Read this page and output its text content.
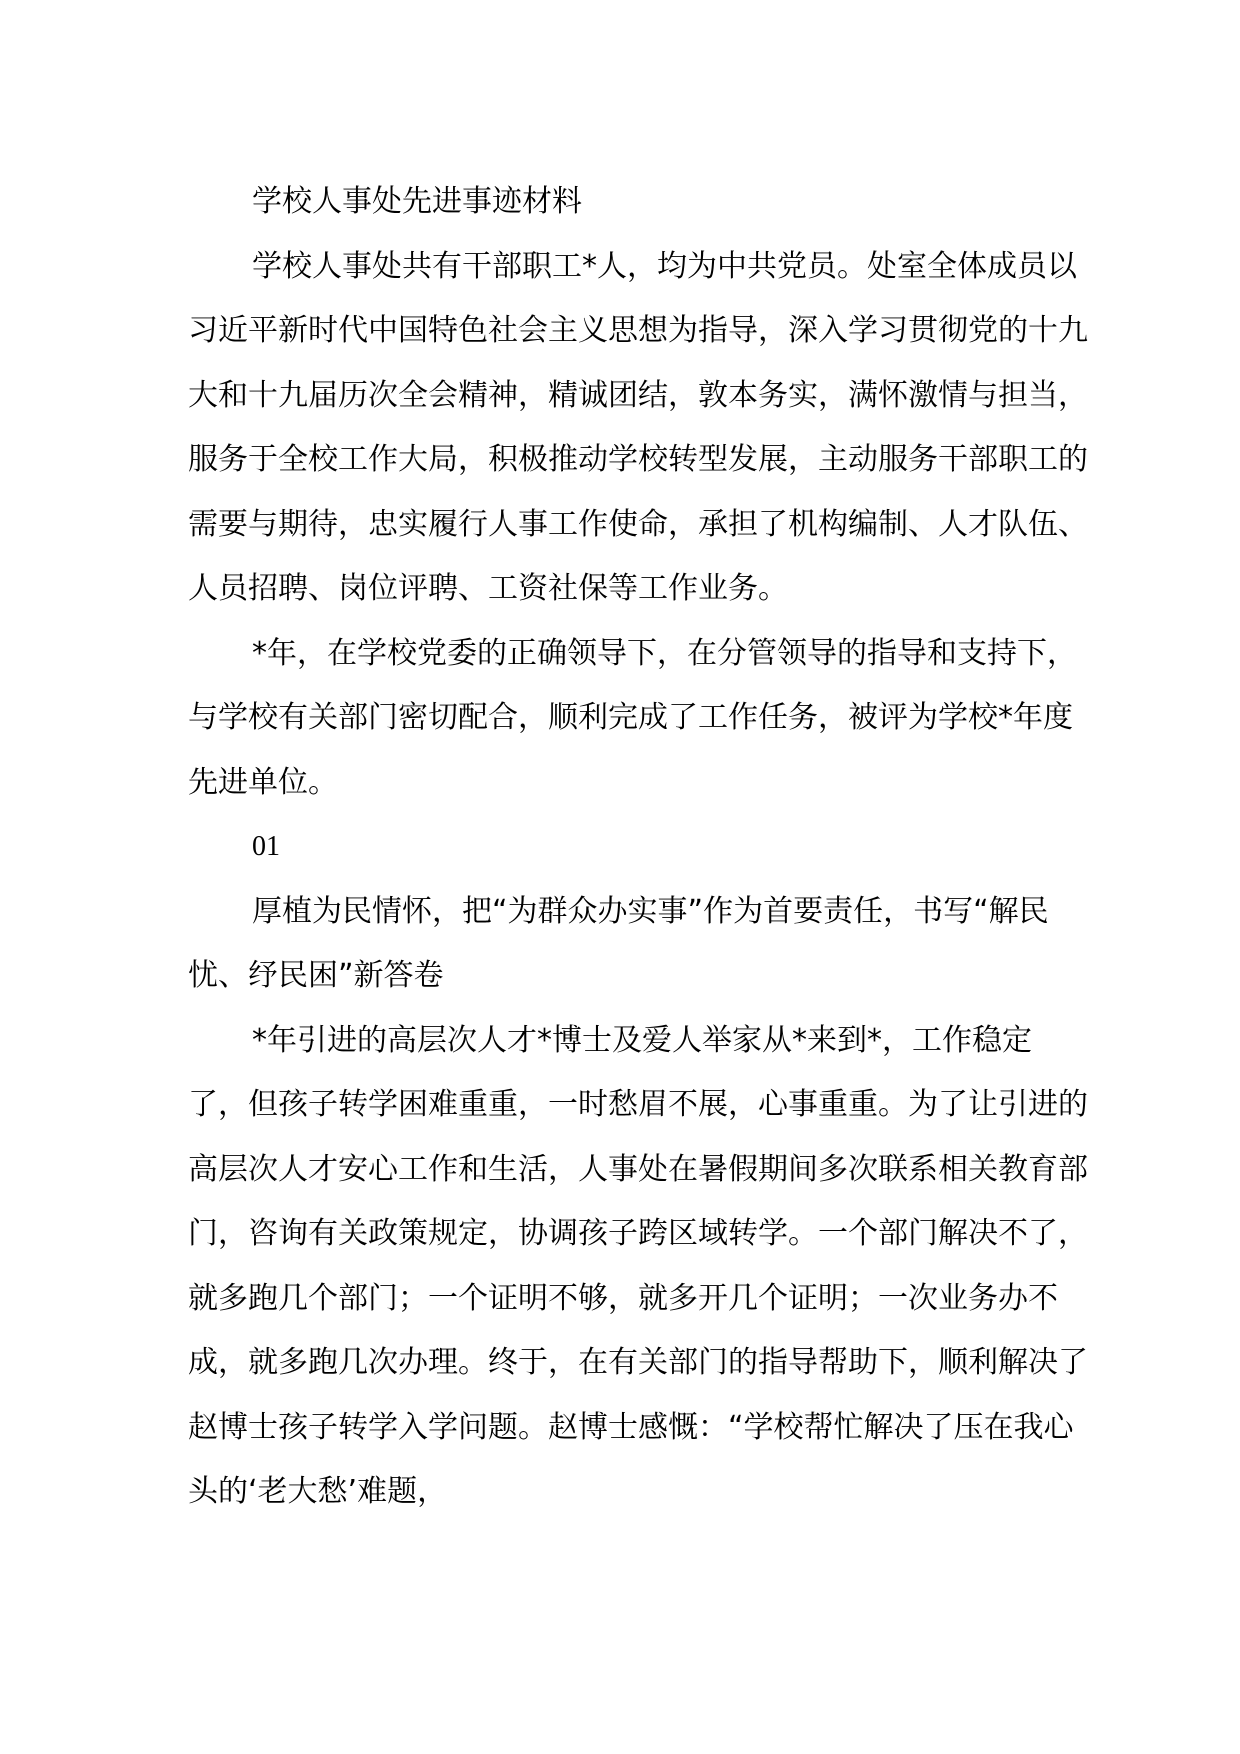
学校人事处先进事迹材料

学校人事处共有干部职工*人，均为中共党员。处室全体成员以习近平新时代中国特色社会主义思想为指导，深入学习贯彻党的十九大和十九届历次全会精神，精诚团结，敦本务实，满怀激情与担当，服务于全校工作大局，积极推动学校转型发展，主动服务干部职工的需要与期待，忠实履行人事工作使命，承担了机构编制、人才队伍、人员招聘、岗位评聘、工资社保等工作业务。

*年，在学校党委的正确领导下，在分管领导的指导和支持下，与学校有关部门密切配合，顺利完成了工作任务，被评为学校*年度先进单位。

01

厚植为民情怀，把“为群众办实事”作为首要责任，书写“解民忧、纾民困”新答卷

*年引进的高层次人才*博士及爱人举家从*来到*，工作稳定了，但孩子转学困难重重，一时愁眉不展，心事重重。为了让引进的高层次人才安心工作和生活，人事处在暑假期间多次联系相关教育部门，咨询有关政策规定，协调孩子跨区域转学。一个部门解决不了，就多跑几个部门；一个证明不够，就多开几个证明；一次业务办不成，就多跑几次办理。终于，在有关部门的指导帮助下，顺利解决了赵博士孩子转学入学问题。赵博士感慨：“学校帮忙解决了压在我心头的‘老大愁’难题，
